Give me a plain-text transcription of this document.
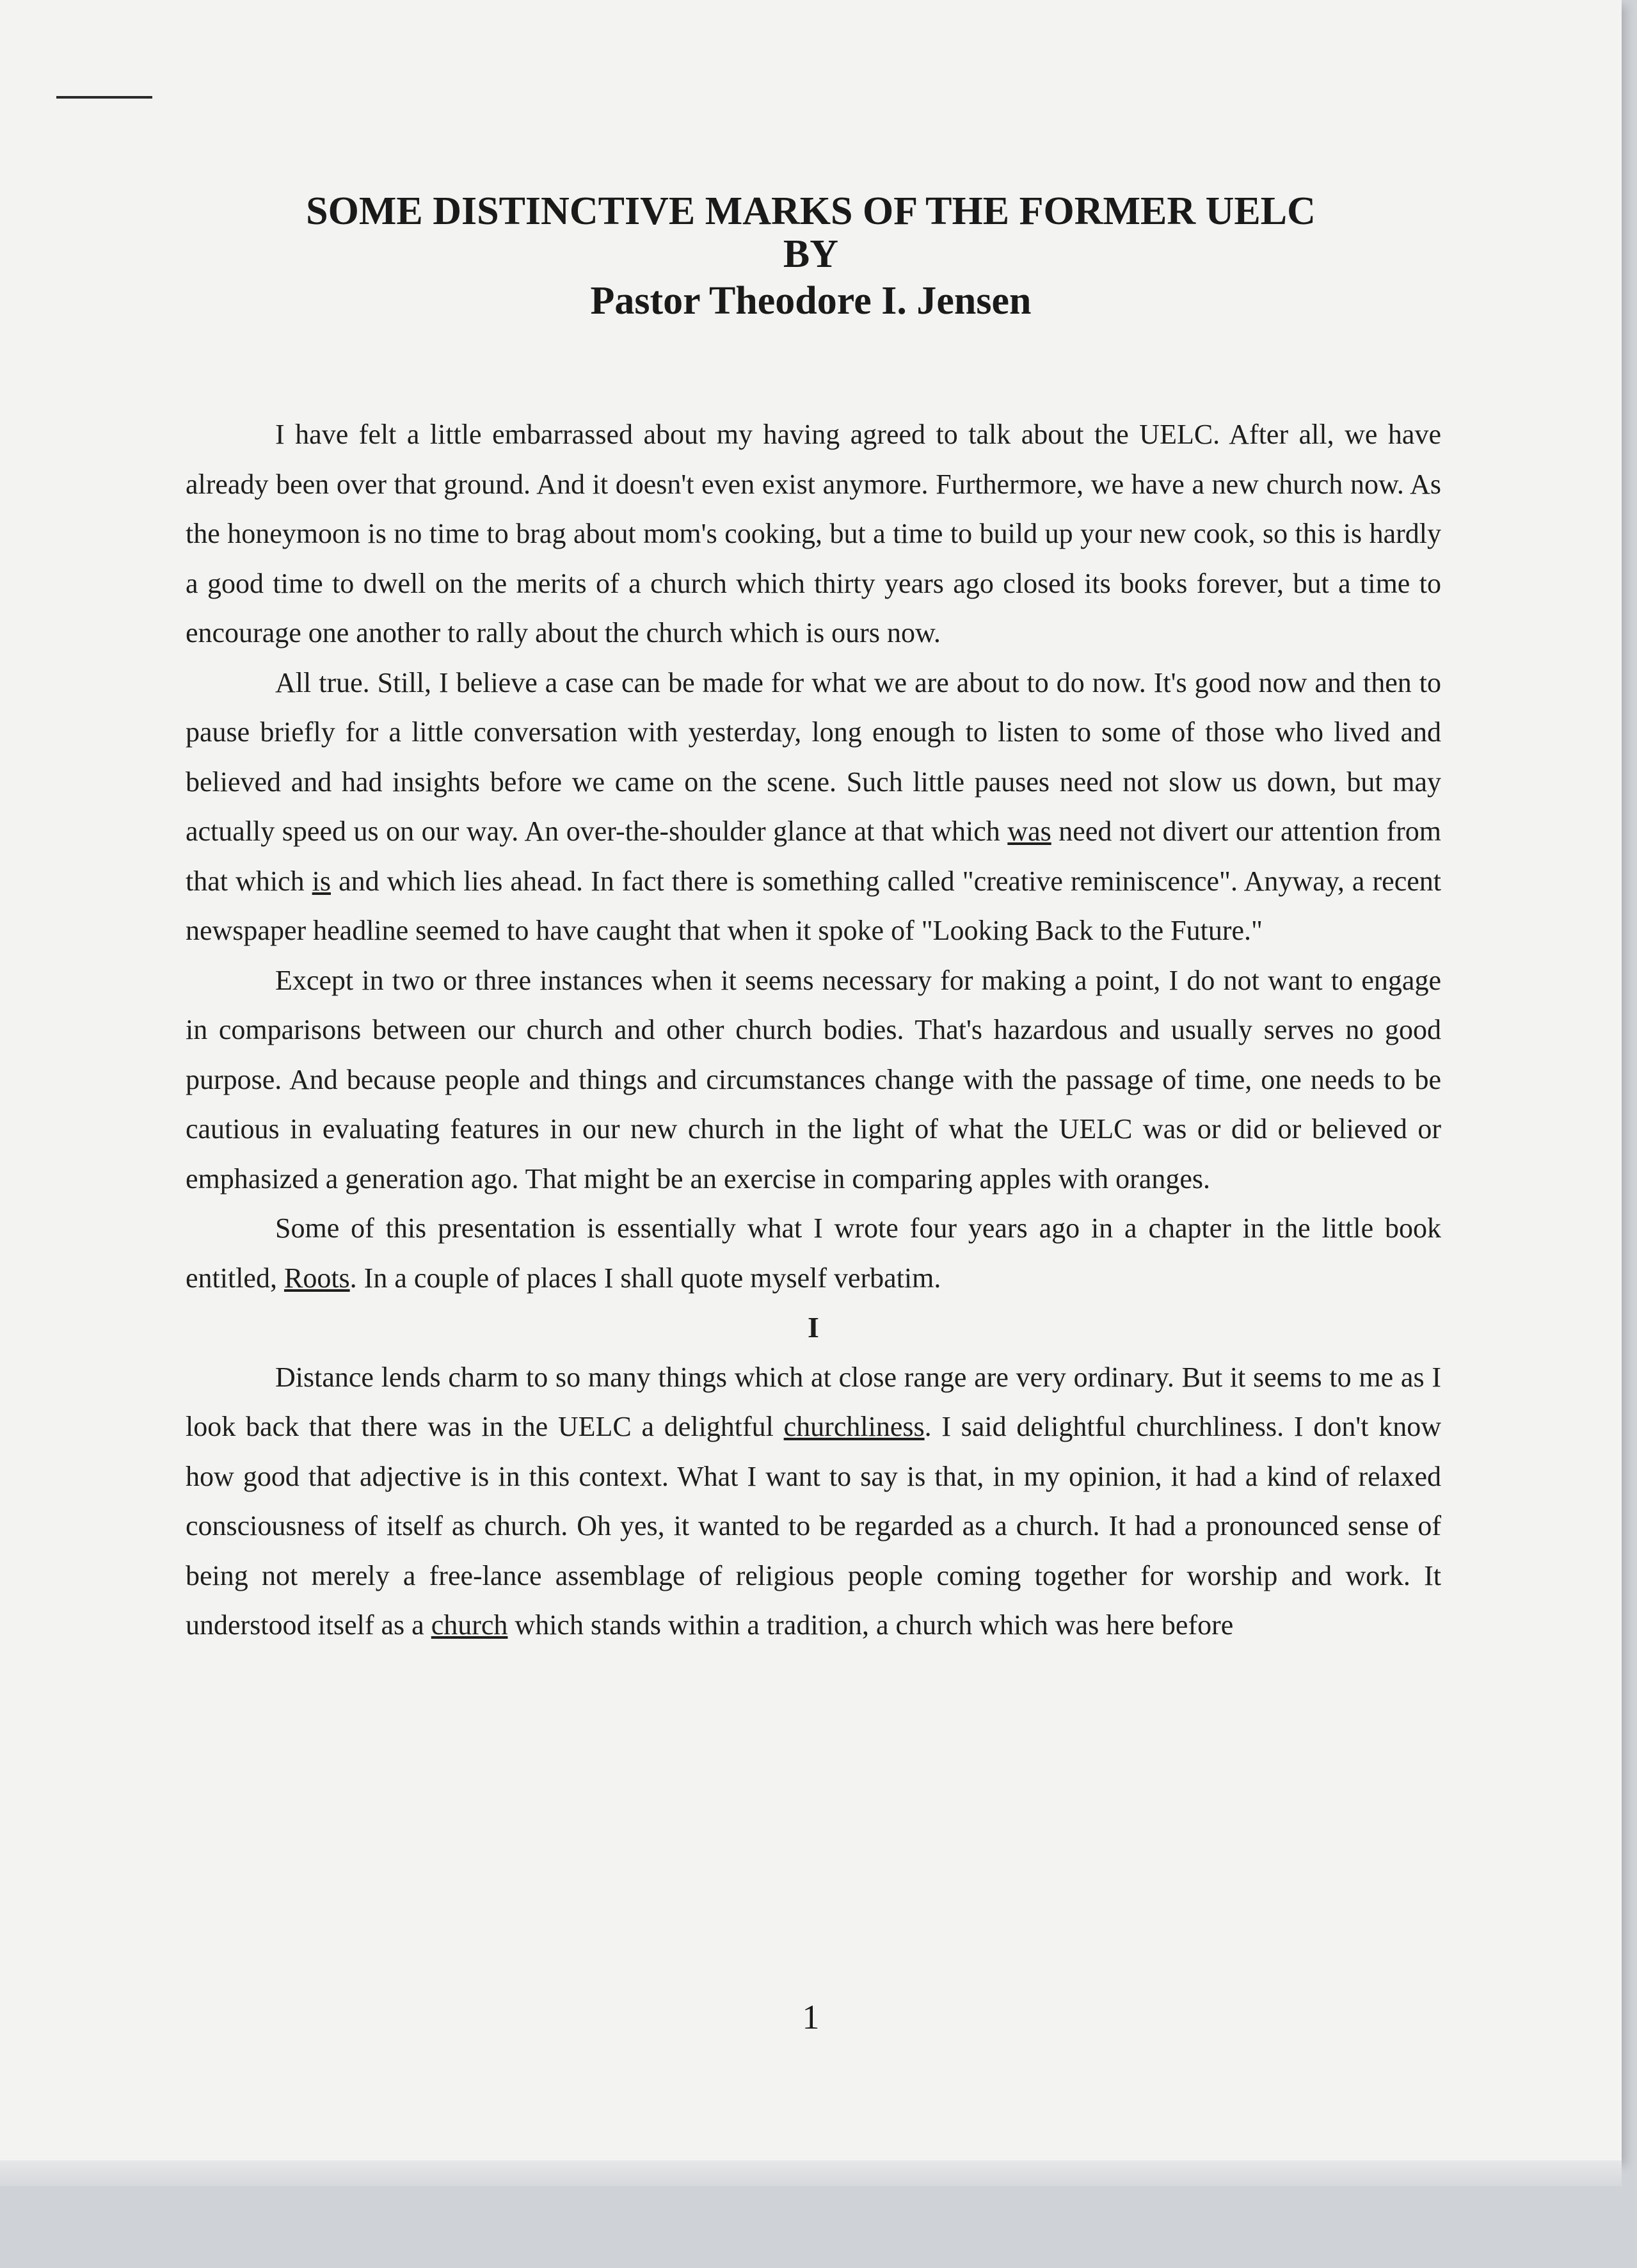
SOME DISTINCTIVE MARKS OF THE FORMER UELC
BY
Pastor Theodore I. Jensen

I have felt a little embarrassed about my having agreed to talk about the UELC. After all, we have already been over that ground. And it doesn't even exist anymore. Furthermore, we have a new church now. As the honeymoon is no time to brag about mom's cooking, but a time to build up your new cook, so this is hardly a good time to dwell on the merits of a church which thirty years ago closed its books forever, but a time to encourage one another to rally about the church which is ours now.

All true. Still, I believe a case can be made for what we are about to do now. It's good now and then to pause briefly for a little conversation with yesterday, long enough to listen to some of those who lived and believed and had insights before we came on the scene. Such little pauses need not slow us down, but may actually speed us on our way. An over-the-shoulder glance at that which was need not divert our attention from that which is and which lies ahead. In fact there is something called "creative reminiscence". Anyway, a recent newspaper headline seemed to have caught that when it spoke of "Looking Back to the Future."

Except in two or three instances when it seems necessary for making a point, I do not want to engage in comparisons between our church and other church bodies. That's hazardous and usually serves no good purpose. And because people and things and circumstances change with the passage of time, one needs to be cautious in evaluating features in our new church in the light of what the UELC was or did or believed or emphasized a generation ago. That might be an exercise in comparing apples with oranges.

Some of this presentation is essentially what I wrote four years ago in a chapter in the little book entitled, Roots. In a couple of places I shall quote myself verbatim.

I

Distance lends charm to so many things which at close range are very ordinary. But it seems to me as I look back that there was in the UELC a delightful churchliness. I said delightful churchliness. I don't know how good that adjective is in this context. What I want to say is that, in my opinion, it had a kind of relaxed consciousness of itself as church. Oh yes, it wanted to be regarded as a church. It had a pronounced sense of being not merely a free-lance assemblage of religious people coming together for worship and work. It understood itself as a church which stands within a tradition, a church which was here before

1
